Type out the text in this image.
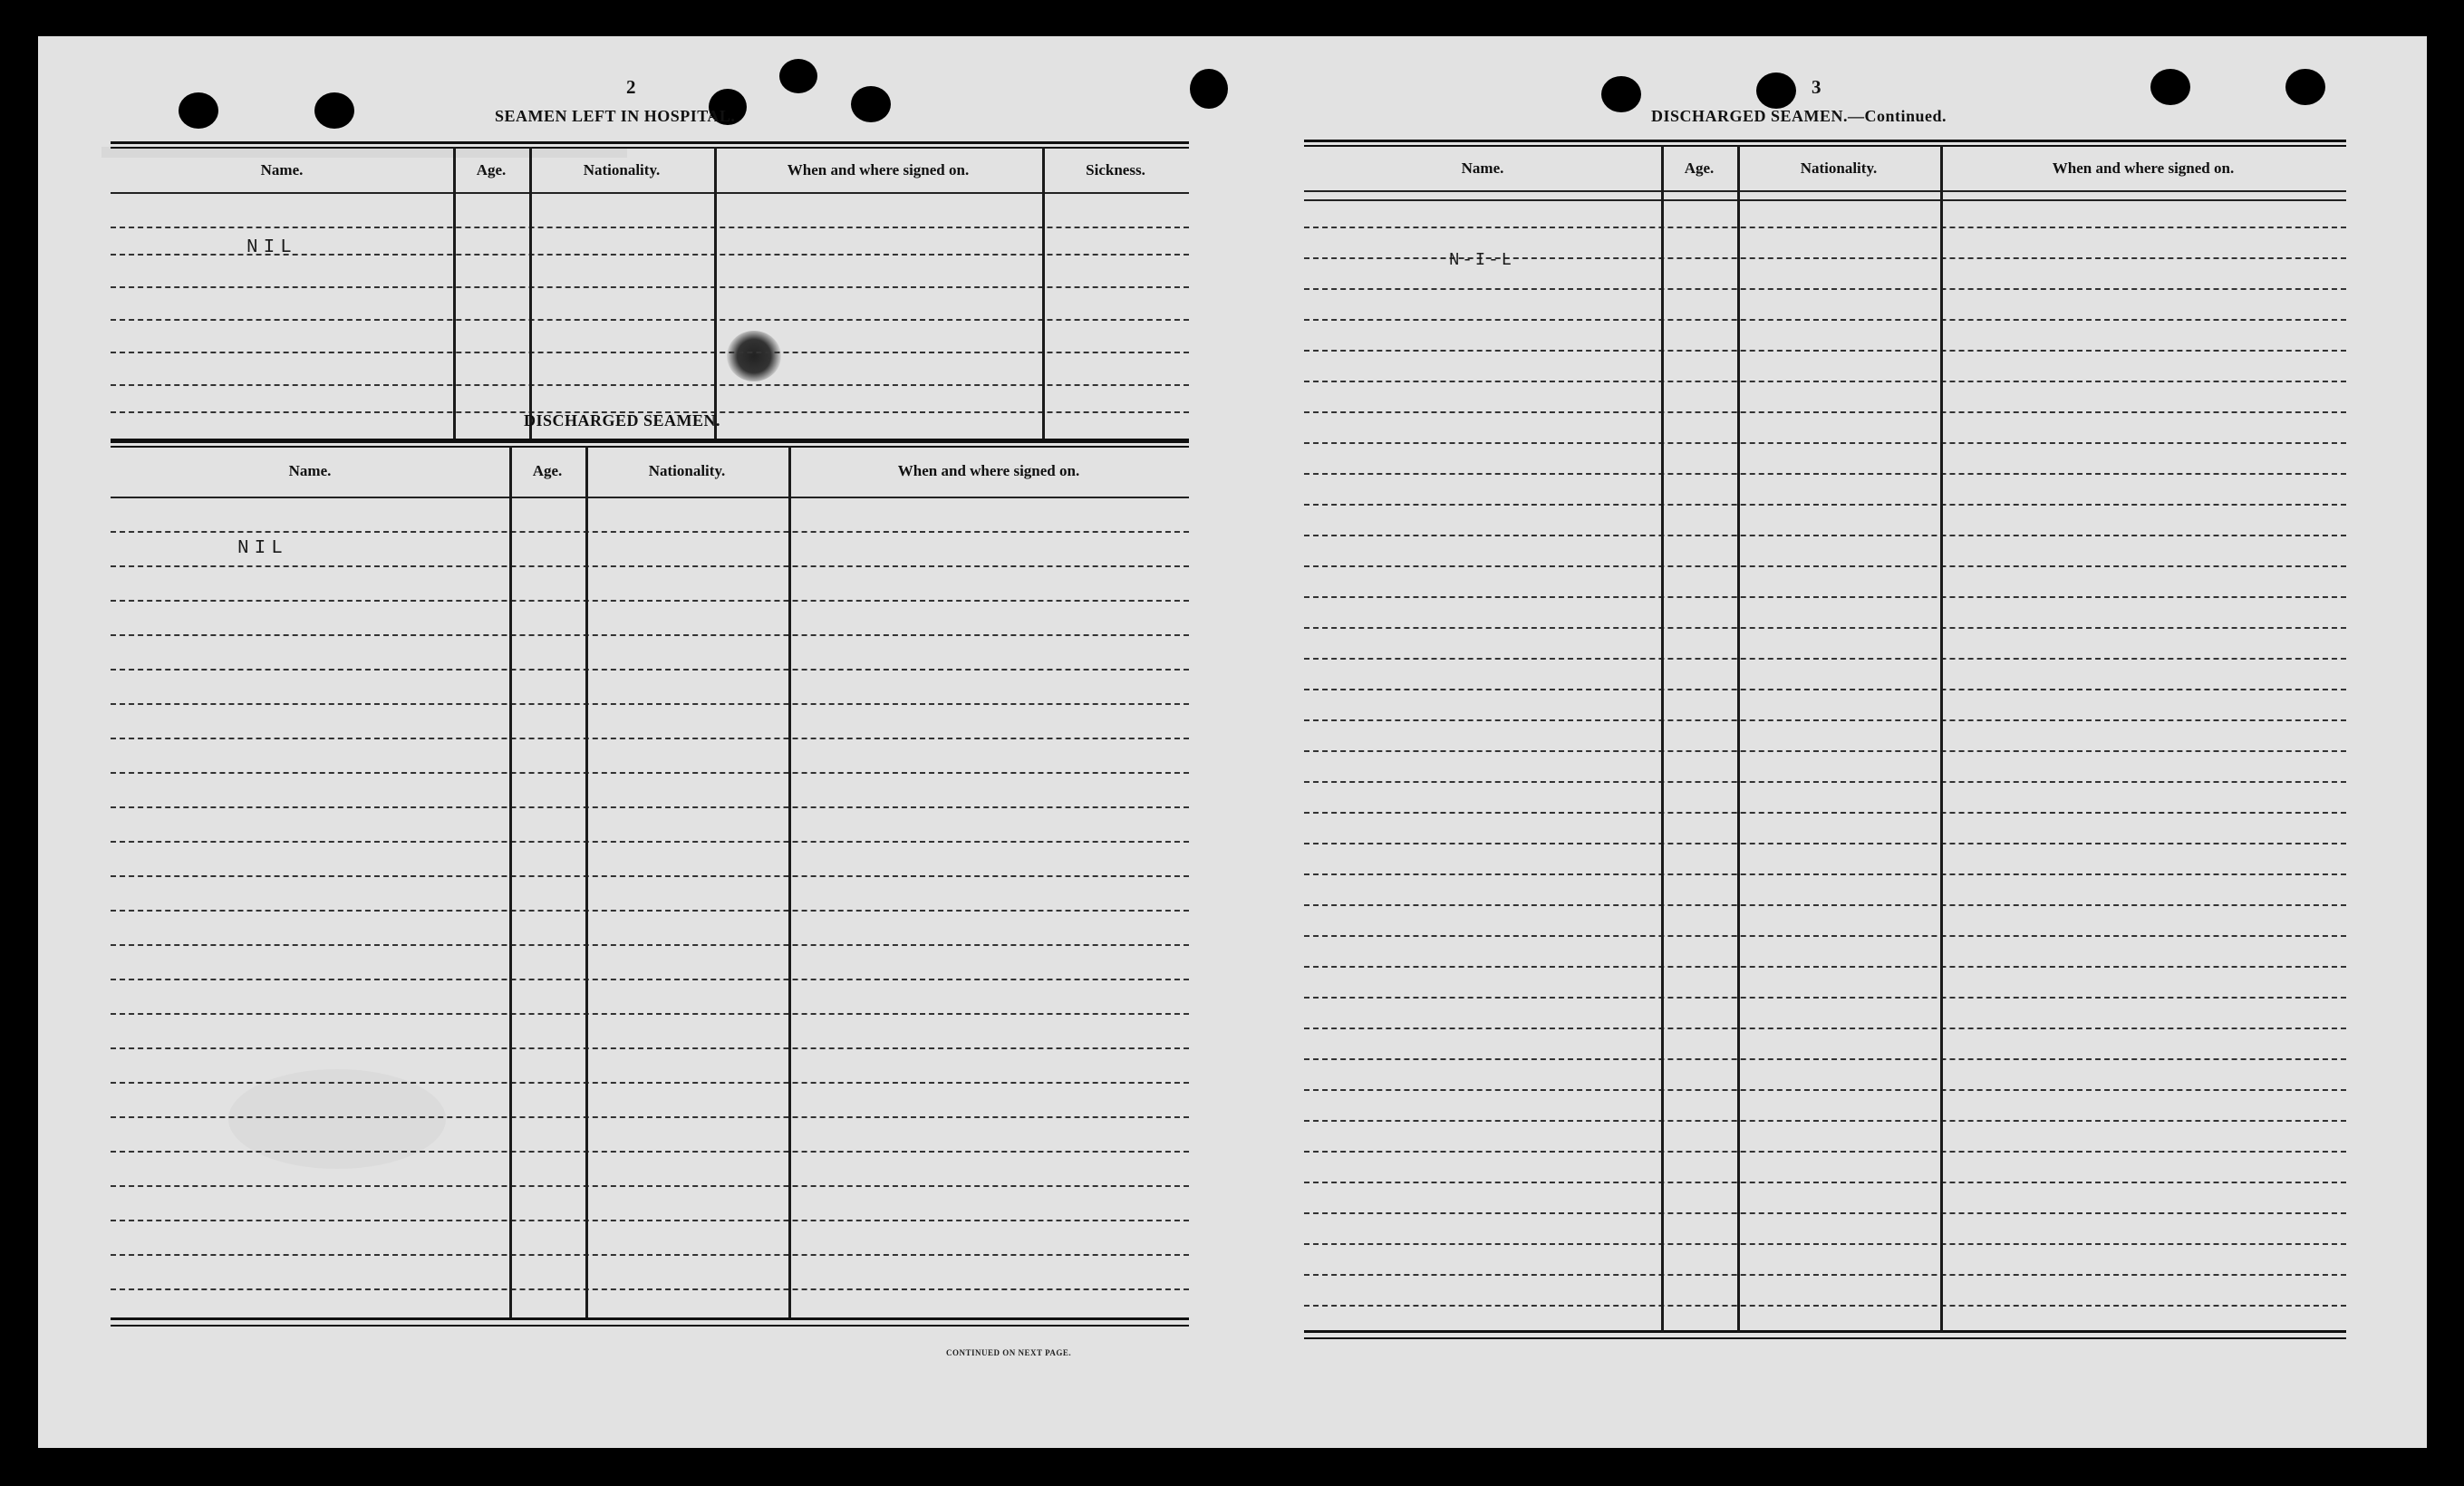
2
SEAMEN LEFT IN HOSPITAL.
Name.	Age.	Nationality.	When and where signed on.	Sickness.
NIL
DISCHARGED SEAMEN.
Name.	Age.	Nationality.	When and where signed on.
NIL
CONTINUED ON NEXT PAGE.
3
DISCHARGED SEAMEN.—Continued.
Name.	Age.	Nationality.	When and where signed on.
N-I-L
